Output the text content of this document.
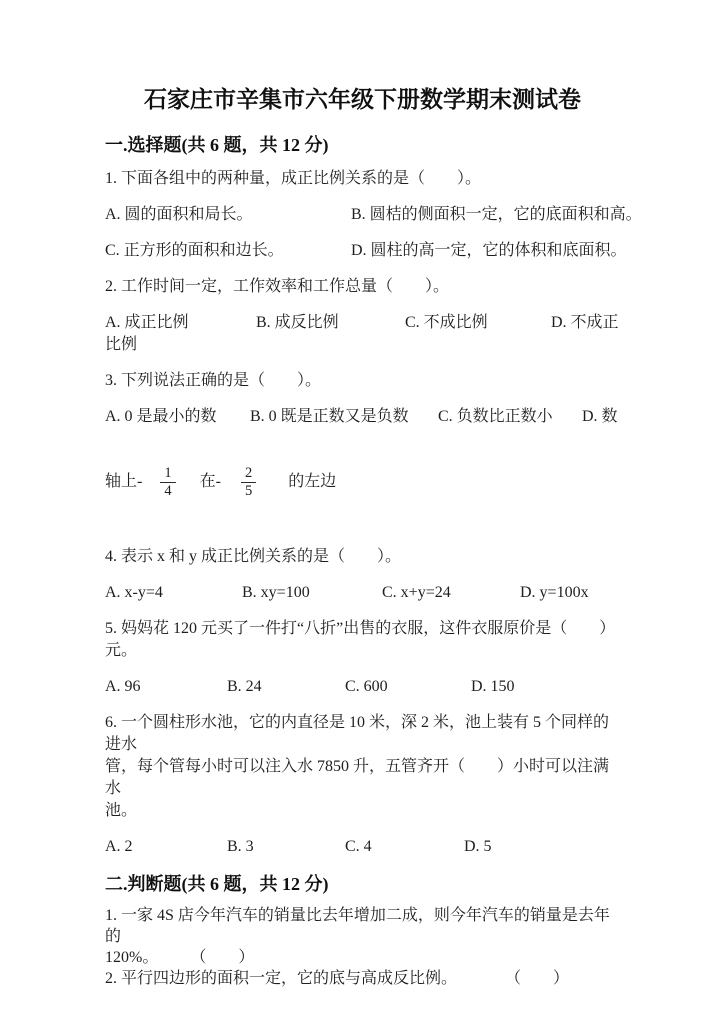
石家庄市辛集市六年级下册数学期末测试卷
一.选择题(共 6 题，共 12 分)

1. 下面各组中的两种量，成正比例关系的是（　　）。

A. 圆的面积和局长。	B. 圆桔的侧面积一定，它的底面积和高。
C. 正方形的面积和边长。	D. 圆柱的高一定，它的体积和底面积。

2. 工作时间一定，工作效率和工作总量（　　）。

A. 成正比例	B. 成反比例	C. 不成比例	D. 不成正

比例

3. 下列说法正确的是（　　）。

A. 0 是最小的数	B. 0 既是正数又是负数	C. 负数比正数小	D. 数
轴上- $\frac{1}{4}$ 在- $\frac{2}{5}$ 的左边

4. 表示 x 和 y 成正比例关系的是（　　）。

A. x-y=4	B. xy=100	C. x+y=24	D. y=100x

5. 妈妈花 120 元买了一件打“八折”出售的衣服，这件衣服原价是（　　）

元。

A. 96	B. 24	C. 600	D. 150

6. 一个圆柱形水池，它的内直径是 10 米，深 2 米，池上装有 5 个同样的进水

管，每个管每小时可以注入水 7850 升，五管齐开（　　）小时可以注满水

池。

A. 2	B. 3	C. 4	D. 5
二.判断题(共 6 题，共 12 分)

1. 一家 4S 店今年汽车的销量比去年增加二成，则今年汽车的销量是去年的

120%。　　　（　　）

2. 平行四边形的面积一定，它的底与高成反比例。　　　　（　　）
